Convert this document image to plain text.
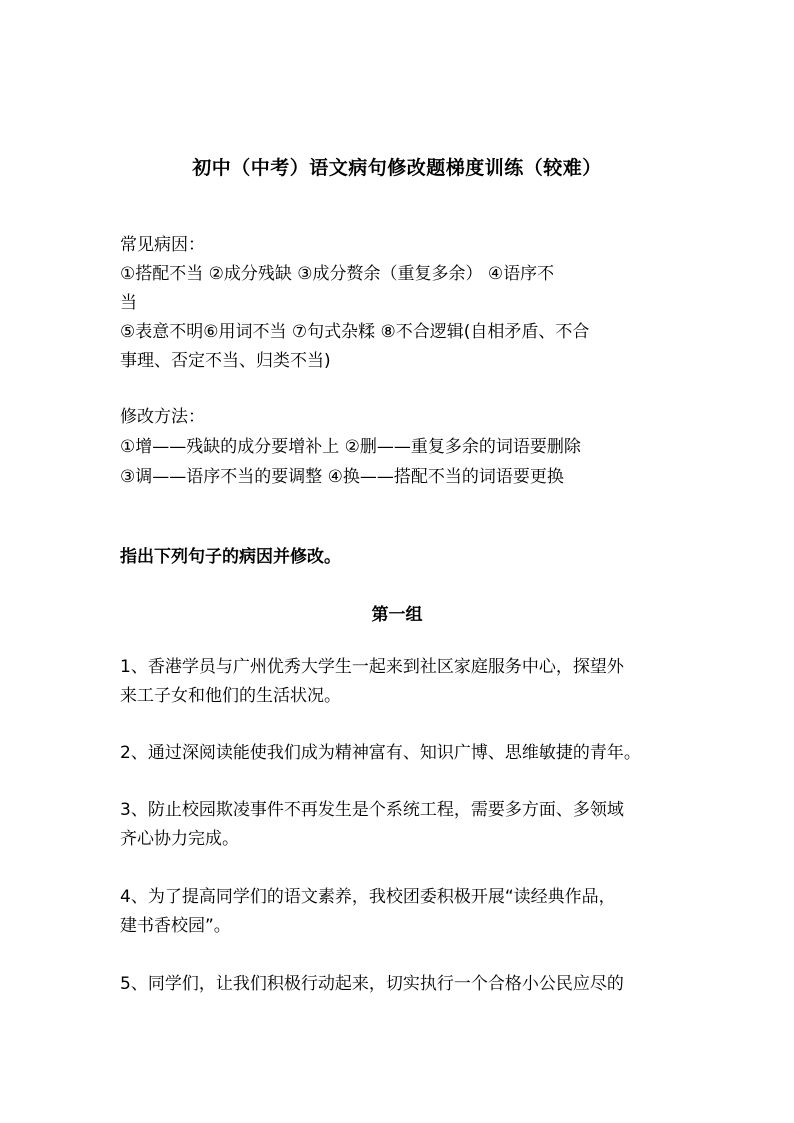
初中（中考）语文病句修改题梯度训练（较难）
常见病因：
①搭配不当 ②成分残缺 ③成分赘余（重复多余） ④语序不
当
⑤表意不明⑥用词不当 ⑦句式杂糅 ⑧不合逻辑(自相矛盾、不合
事理、否定不当、归类不当)
修改方法：
①增——残缺的成分要增补上 ②删——重复多余的词语要删除
③调——语序不当的要调整 ④换——搭配不当的词语要更换
指出下列句子的病因并修改。
第一组
1、香港学员与广州优秀大学生一起来到社区家庭服务中心，探望外
来工子女和他们的生活状况。
2、通过深阅读能使我们成为精神富有、知识广博、思维敏捷的青年。
3、防止校园欺凌事件不再发生是个系统工程，需要多方面、多领域
齐心协力完成。
4、为了提高同学们的语文素养，我校团委积极开展“读经典作品，
建书香校园”。
5、同学们，让我们积极行动起来，切实执行一个合格小公民应尽的
